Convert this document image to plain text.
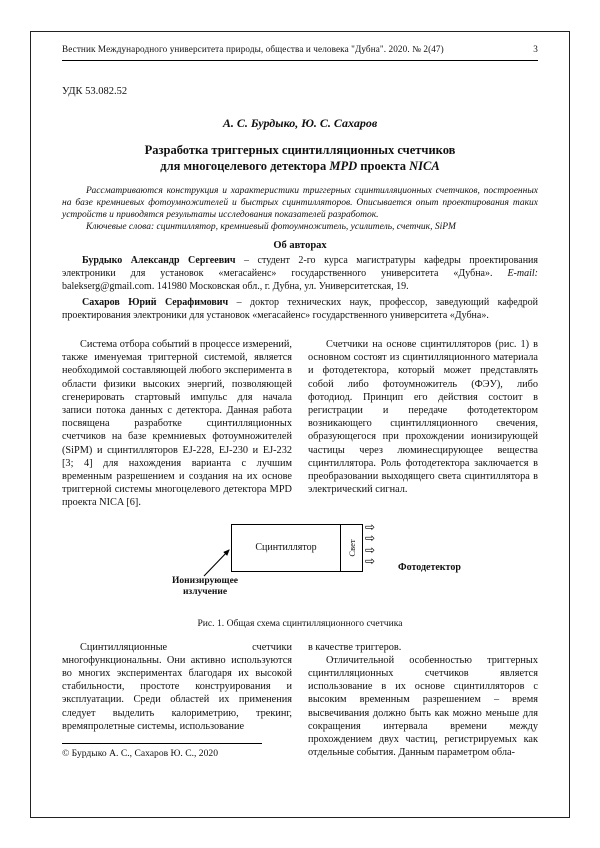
Вестник Международного университета природы, общества и человека "Дубна". 2020. № 2(47)	3
УДК 53.082.52
А. С. Бурдыко, Ю. С. Сахаров
Разработка триггерных сцинтилляционных счетчиков
для многоцелевого детектора MPD проекта NICA

Рассматриваются конструкция и характеристики триггерных сцинтилляционных счетчиков, построенных на базе кремниевых фотоумножителей и быстрых сцинтилляторов. Описывается опыт проектирования таких устройств и приводятся результаты исследования показателей разработок.

Ключевые слова: сцинтиллятор, кремниевый фотоумножитель, усилитель, счетчик, SiPM

Об авторах

Бурдыко Александр Сергеевич – студент 2-го курса магистратуры кафедры проектирования электроники для установок «мегасайенс» государственного университета «Дубна». E-mail: balekserg@gmail.com. 141980 Московская обл., г. Дубна, ул. Университетская, 19.

Сахаров Юрий Серафимович – доктор технических наук, профессор, заведующий кафедрой проектирования электроники для установок «мегасайенс» государственного университета «Дубна».

Система отбора событий в процессе измерений, также именуемая триггерной системой, является необходимой составляющей любого эксперимента в области физики высоких энергий, позволяющей сгенерировать стартовый импульс для начала записи потока данных с детектора. Данная работа посвящена разработке сцинтилляционных счетчиков на базе кремниевых фотоумножителей (SiPM) и сцинтилляторов EJ-228, EJ-230 и EJ-232 [3; 4] для нахождения варианта с лучшим временным разрешением и создания на их основе триггерной системы многоцелевого детектора MPD проекта NICA [6].

Счетчики на основе сцинтилляторов (рис. 1) в основном состоят из сцинтилляционного материала и фотодетектора, который может представлять собой либо фотоумножитель (ФЭУ), либо фотодиод. Принцип его действия состоит в регистрации и передаче фотодетектором возникающего сцинтилляционного свечения, образующегося при прохождении ионизирующей частицы через люминесцирующее вещества сцинтиллятора. Роль фотодетектора заключается в преобразовании выходящего света сцинтиллятора в электрический сигнал.

Сцинтиллятор	Свет
⇨
⇨
⇨
⇨ Фотодетектор
Ионизирующее
излучение
Рис. 1. Общая схема сцинтилляционного счетчика

Сцинтилляционные счетчики многофункциональны. Они активно используются во многих экспериментах благодаря их высокой стабильности, простоте конструирования и эксплуатации. Среди областей их применения следует выделить калориметрию, трекинг, времяпролетные системы, использование

© Бурдыко А. С., Сахаров Ю. С., 2020

в качестве триггеров.

Отличительной особенностью триггерных сцинтилляционных счетчиков является использование в их основе сцинтилляторов с высоким временным разрешением – время высвечивания должно быть как можно меньше для сокращения интервала времени между прохождением двух частиц, регистрируемых как отдельные события. Данным параметром обла-
